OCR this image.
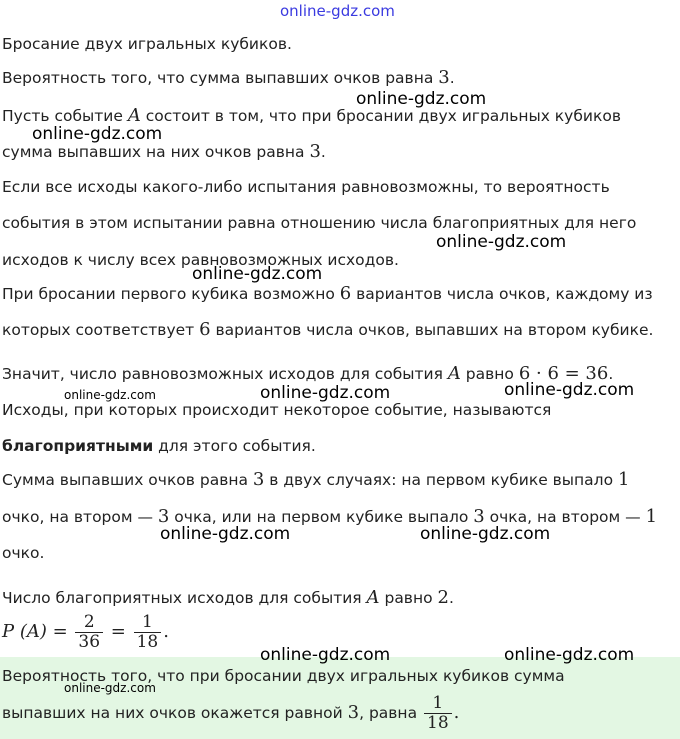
online-gdz.com
Бросание двух игральных кубиков.
Вероятность того, что сумма выпавших очков равна 3.
Пусть событие A состоит в том, что при бросании двух игральных кубиков
сумма выпавших на них очков равна 3.
Если все исходы какого-либо испытания равновозможны, то вероятность
события в этом испытании равна отношению числа благоприятных для него
исходов к числу всех равновозможных исходов.
При бросании первого кубика возможно 6 вариантов числа очков, каждому из
которых соответствует 6 вариантов числа очков, выпавших на втором кубике.
Значит, число равновозможных исходов для события A равно 6 · 6 = 36.
Исходы, при которых происходит некоторое событие, называются
благоприятными для этого события.
Сумма выпавших очков равна 3 в двух случаях: на первом кубике выпало 1
очко, на втором — 3 очка, или на первом кубике выпало 3 очка, на втором — 1
очко.
Число благоприятных исходов для события A равно 2.
P $(A) = \frac{2}{36} = \frac{1}{18}$ .
Вероятность того, что при бросании двух игральных кубиков сумма
выпавших на них очков окажется равной 3, равна $\frac{1}{18}$ .
online-gdz.com
online-gdz.com
online-gdz.com
online-gdz.com
online-gdz.com	online-gdz.com	online-gdz.com
online-gdz.com	online-gdz.com
online-gdz.com	online-gdz.com
online-gdz.com
